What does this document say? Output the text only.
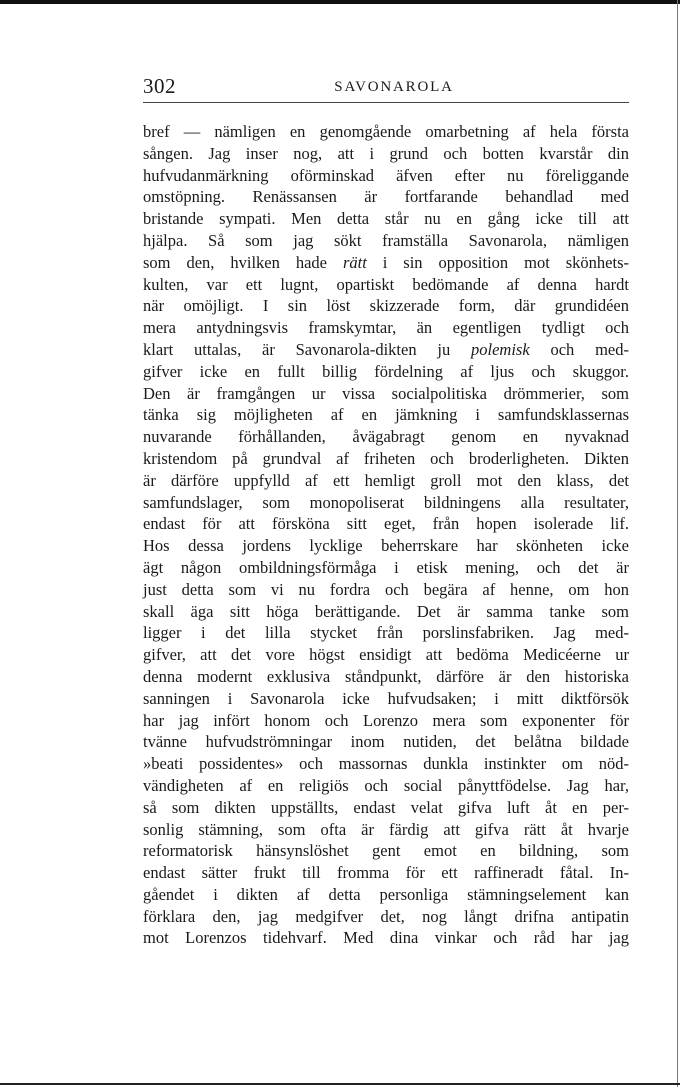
302	SAVONAROLA
bref — nämligen en genomgående omarbetning af hela första
sången. Jag inser nog, att i grund och botten kvarstår din
hufvudanmärkning oförminskad äfven efter nu föreliggande
omstöpning. Renässansen är fortfarande behandlad med
bristande sympati. Men detta står nu en gång icke till att
hjälpa. Så som jag sökt framställa Savonarola, nämligen
som den, hvilken hade rätt i sin opposition mot skönhets-
kulten, var ett lugnt, opartiskt bedömande af denna hardt
när omöjligt. I sin löst skizzerade form, där grundidéen
mera antydningsvis framskymtar, än egentligen tydligt och
klart uttalas, är Savonarola-dikten ju polemisk och med-
gifver icke en fullt billig fördelning af ljus och skuggor.
Den är framgången ur vissa socialpolitiska drömmerier, som
tänka sig möjligheten af en jämkning i samfundsklassernas
nuvarande förhållanden, åvägabragt genom en nyvaknad
kristendom på grundval af friheten och broderligheten. Dikten
är därföre uppfylld af ett hemligt groll mot den klass, det
samfundslager, som monopoliserat bildningens alla resultater,
endast för att försköna sitt eget, från hopen isolerade lif.
Hos dessa jordens lycklige beherrskare har skönheten icke
ägt någon ombildningsförmåga i etisk mening, och det är
just detta som vi nu fordra och begära af henne, om hon
skall äga sitt höga berättigande. Det är samma tanke som
ligger i det lilla stycket från porslinsfabriken. Jag med-
gifver, att det vore högst ensidigt att bedöma Medicéerne ur
denna modernt exklusiva ståndpunkt, därföre är den historiska
sanningen i Savonarola icke hufvudsaken; i mitt diktförsök
har jag infört honom och Lorenzo mera som exponenter för
tvänne hufvudströmningar inom nutiden, det belåtna bildade
»beati possidentes» och massornas dunkla instinkter om nöd-
vändigheten af en religiös och social pånyttfödelse. Jag har,
så som dikten uppställts, endast velat gifva luft åt en per-
sonlig stämning, som ofta är färdig att gifva rätt åt hvarje
reformatorisk hänsynslöshet gent emot en bildning, som
endast sätter frukt till fromma för ett raffineradt fåtal. In-
gåendet i dikten af detta personliga stämningselement kan
förklara den, jag medgifver det, nog långt drifna antipatin
mot Lorenzos tidehvarf. Med dina vinkar och råd har jag
